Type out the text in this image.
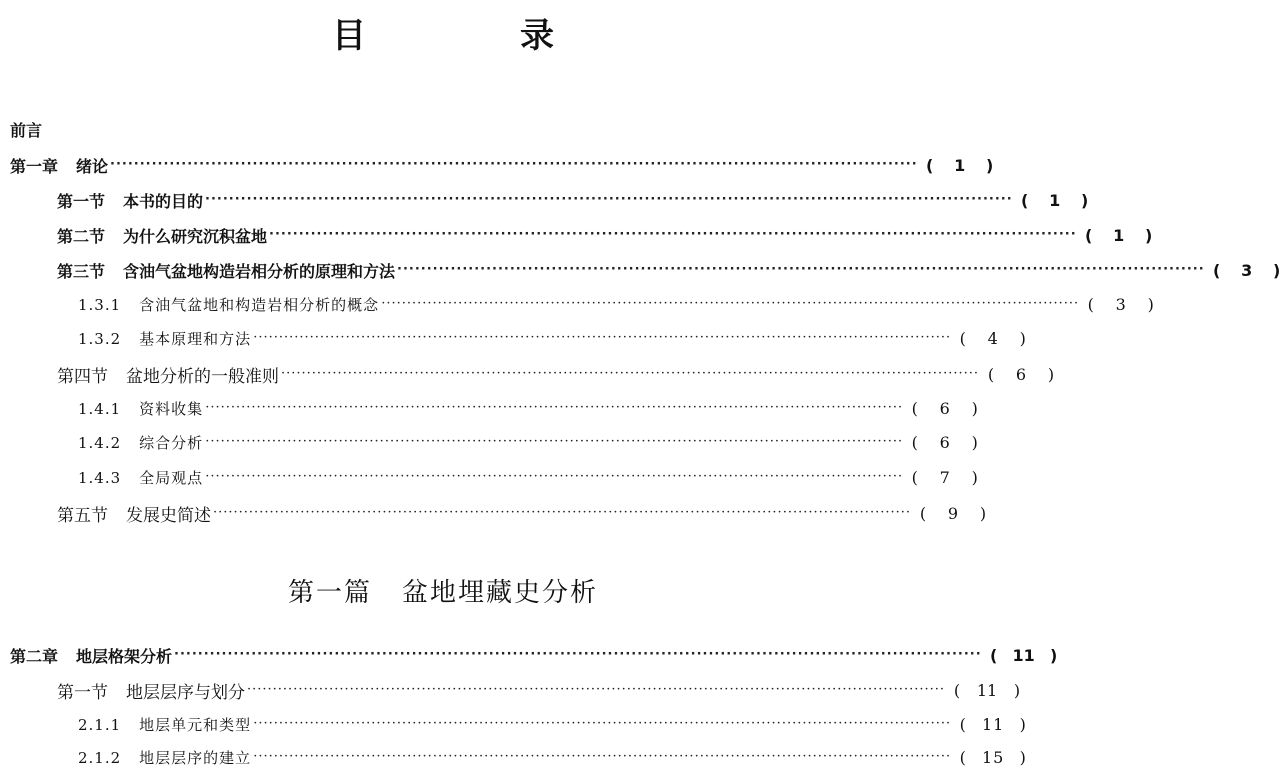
目　录
前言
第一章 绪论 ········································································································································ (	1	)
第一节 本书的目的 ········································································································································ (	1	)
第二节 为什么研究沉积盆地 ········································································································································ (	1	)
第三节 含油气盆地构造岩相分析的原理和方法 ········································································································································ (	3	)
1.3.1 含油气盆地和构造岩相分析的概念 ········································································································································ (	3	)
1.3.2 基本原理和方法 ········································································································································ (	4	)
第四节 盆地分析的一般准则 ········································································································································ (	6	)
1.4.1 资料收集 ········································································································································ (	6	)
1.4.2 综合分析 ········································································································································ (	6	)
1.4.3 全局观点 ········································································································································ (	7	)
第五节 发展史简述 ········································································································································ (	9	)
第一篇 盆地埋藏史分析
第二章 地层格架分析 ········································································································································ ( 11 )
第一节 地层层序与划分 ········································································································································ (	11	)
2.1.1 地层单元和类型 ········································································································································ ( 11 )
2.1.2 地层层序的建立 ········································································································································ ( 15 )
